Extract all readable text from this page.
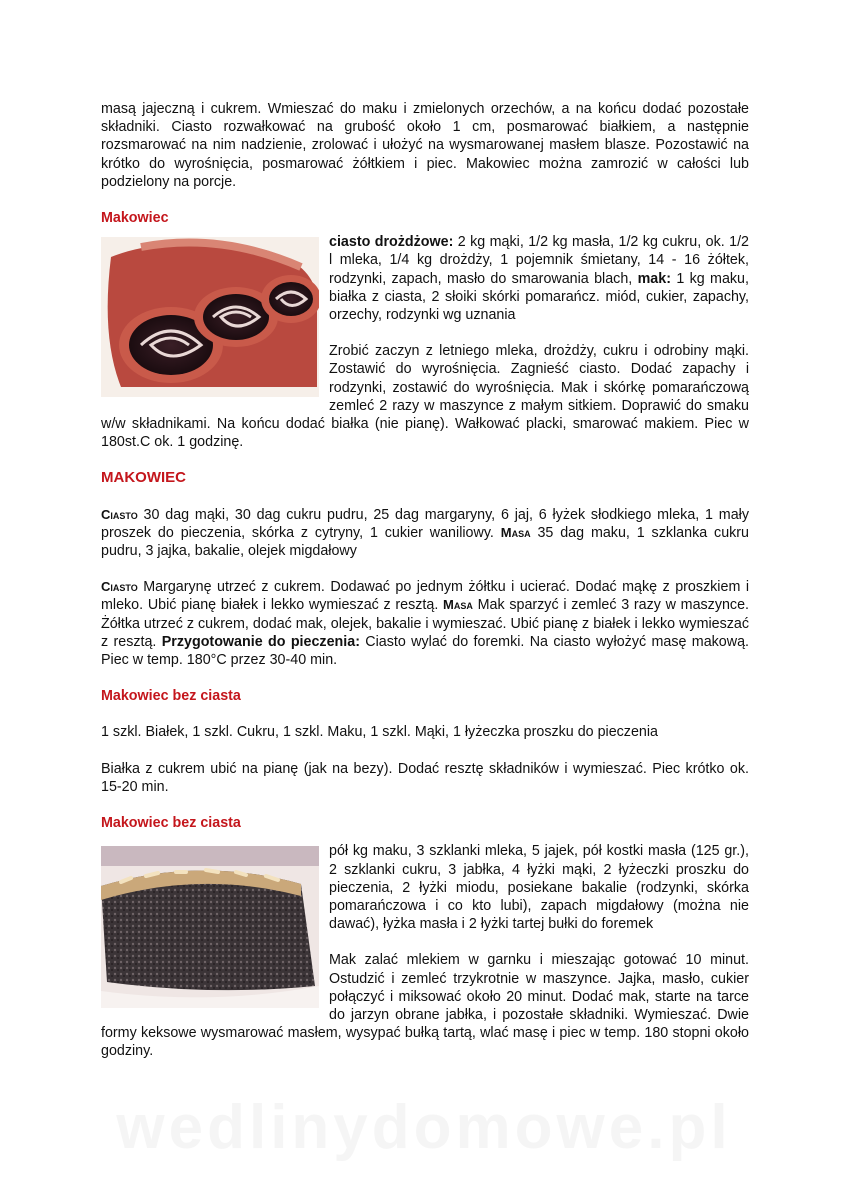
wedlinydomowe.pl

masą jajeczną i cukrem. Wmieszać do maku i zmielonych orzechów, a na końcu dodać pozostałe składniki. Ciasto rozwałkować na grubość około 1 cm, posmarować białkiem, a następnie rozsmarować na nim nadzienie, zrolować i ułożyć na wysmarowanej masłem blasze. Pozostawić na krótko do wyrośnięcia, posmarować żółtkiem i piec. Makowiec można zamrozić w całości lub podzielony na porcje.

Makowiec

ciasto drożdżowe: 2 kg mąki, 1/2 kg masła, 1/2 kg cukru, ok. 1/2 l mleka, 1/4 kg drożdży, 1 pojemnik śmietany, 14 - 16 żółtek, rodzynki, zapach, masło do smarowania blach, mak: 1 kg maku, białka z ciasta, 2 słoiki skórki pomarańcz. miód, cukier, zapachy, orzechy, rodzynki wg uznania

Zrobić zaczyn z letniego mleka, drożdży, cukru i odrobiny mąki. Zostawić do wyrośnięcia. Zagnieść ciasto. Dodać zapachy i rodzynki, zostawić do wyrośnięcia. Mak i skórkę pomarańczową zemleć 2 razy w maszynce z małym sitkiem. Doprawić do smaku w/w składnikami. Na końcu dodać białka (nie pianę). Wałkować placki, smarować makiem. Piec w 180st.C ok. 1 godzinę.

MAKOWIEC

Ciasto 30 dag mąki, 30 dag cukru pudru, 25 dag margaryny, 6 jaj, 6 łyżek słodkiego mleka, 1 mały proszek do pieczenia, skórka z cytryny, 1 cukier waniliowy. Masa 35 dag maku, 1 szklanka cukru pudru, 3 jajka, bakalie, olejek migdałowy

Ciasto Margarynę utrzeć z cukrem. Dodawać po jednym żółtku i ucierać. Dodać mąkę z proszkiem i mleko. Ubić pianę białek i lekko wymieszać z resztą. Masa Mak sparzyć i zemleć 3 razy w maszynce. Żółtka utrzeć z cukrem, dodać mak, olejek, bakalie i wymieszać. Ubić pianę z białek i lekko wymieszać z resztą. Przygotowanie do pieczenia: Ciasto wylać do foremki. Na ciasto wyłożyć masę makową. Piec w temp. 180°C przez 30-40 min.

Makowiec bez ciasta

1 szkl. Białek, 1 szkl. Cukru, 1 szkl. Maku, 1 szkl. Mąki, 1 łyżeczka proszku do pieczenia

Białka z cukrem ubić na pianę (jak na bezy). Dodać resztę składników i wymieszać. Piec krótko ok. 15-20 min.

Makowiec bez ciasta

pół kg maku, 3 szklanki mleka, 5 jajek, pół kostki masła (125 gr.), 2 szklanki cukru, 3 jabłka, 4 łyżki mąki, 2 łyżeczki proszku do pieczenia, 2 łyżki miodu, posiekane bakalie (rodzynki, skórka pomarańczowa i co kto lubi), zapach migdałowy (można nie dawać), łyżka masła i 2 łyżki tartej bułki do foremek

Mak zalać mlekiem w garnku i mieszając gotować 10 minut. Ostudzić i zemleć trzykrotnie w maszynce. Jajka, masło, cukier połączyć i miksować około 20 minut. Dodać mak, starte na tarce do jarzyn obrane jabłka, i pozostałe składniki. Wymieszać. Dwie formy keksowe wysmarować masłem, wysypać bułką tartą, wlać masę i piec w temp. 180 stopni około godziny.
